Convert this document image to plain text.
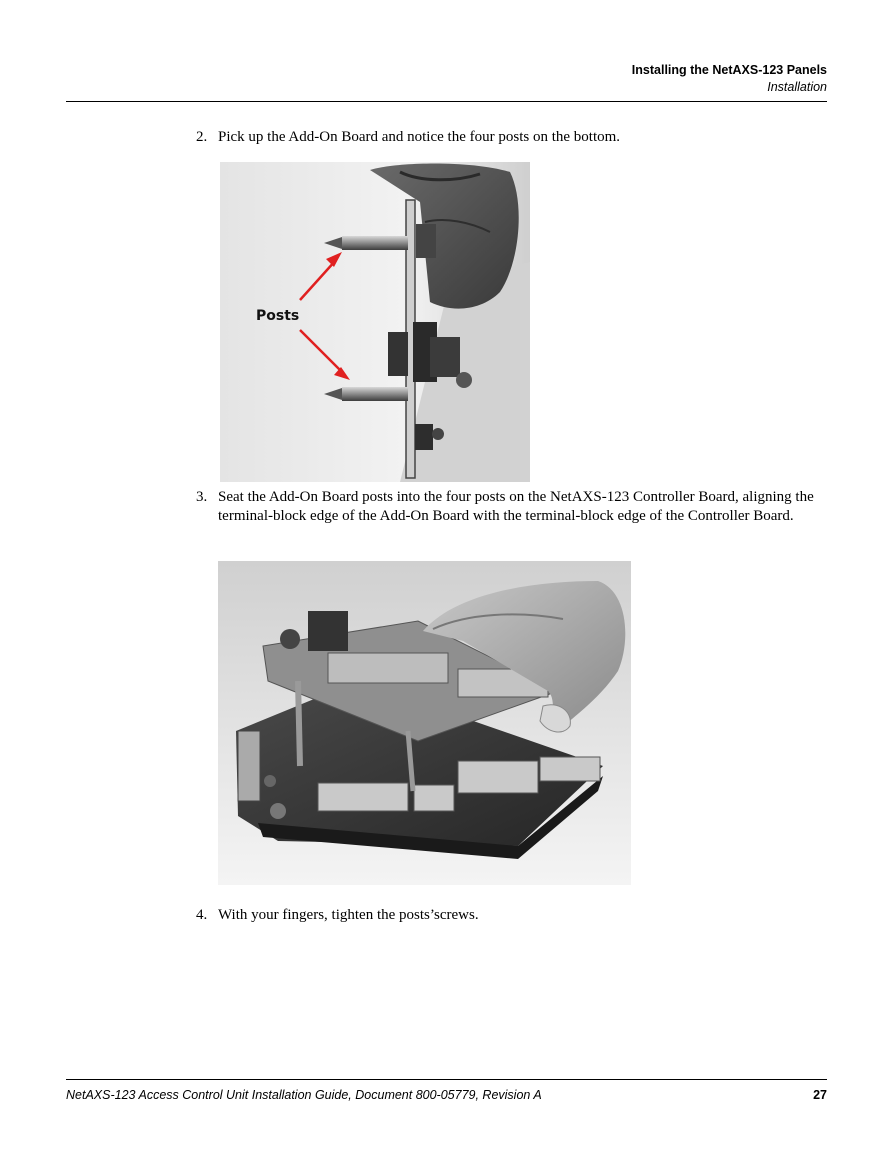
Installing the NetAXS-123 Panels
Installation
2. Pick up the Add-On Board and notice the four posts on the bottom.
Posts
3. Seat the Add-On Board posts into the four posts on the NetAXS-123 Controller Board, aligning the terminal-block edge of the Add-On Board with the terminal-block edge of the Controller Board.
4. With your fingers, tighten the posts’screws.
NetAXS-123 Access Control Unit Installation Guide, Document 800-05779, Revision A	27
